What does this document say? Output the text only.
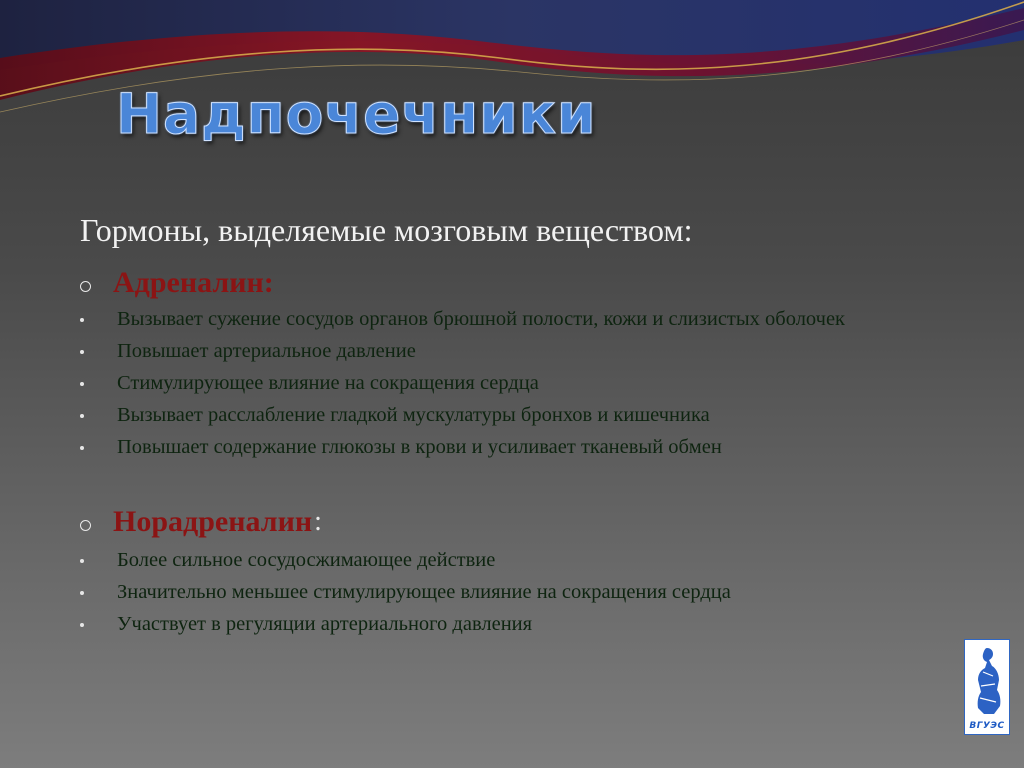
Надпочечники

Гормоны, выделяемые мозговым веществом:

Адреналин:
Вызывает сужение сосудов органов брюшной полости, кожи и слизистых оболочек
Повышает артериальное давление
Стимулирующее влияние на сокращения сердца
Вызывает расслабление гладкой мускулатуры бронхов и кишечника
Повышает содержание глюкозы в крови и усиливает тканевый обмен
Норадреналин :
Более сильное сосудосжимающее действие
Значительно меньшее стимулирующее влияние на сокращения сердца
Участвует в регуляции артериального давления
ВГУЭС
